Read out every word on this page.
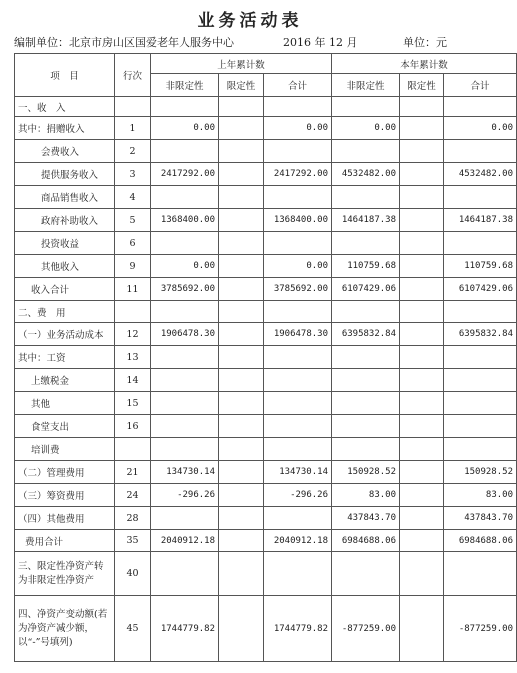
业务活动表
编制单位：北京市房山区国爱老年人服务中心	2016 年 12 月	单位：元
项　目	行次	上年累计数			本年累计数		
		非限定性	限定性	合计	非限定性	限定性	合计
一、收　入							
其中：捐赠收入	1	0.00		0.00	0.00		0.00
会费收入	2						
提供服务收入	3	2417292.00		2417292.00	4532482.00		4532482.00
商品销售收入	4						
政府补助收入	5	1368400.00		1368400.00	1464187.38		1464187.38
投资收益	6						
其他收入	9	0.00		0.00	110759.68		110759.68
收入合计	11	3785692.00		3785692.00	6107429.06		6107429.06
二、费　用							
（一）业务活动成本	12	1906478.30		1906478.30	6395832.84		6395832.84
其中：工资	13						
上缴税金	14						
其他	15						
食堂支出	16						
培训费							
（二）管理费用	21	134730.14		134730.14	150928.52		150928.52
（三）筹资费用	24	-296.26		-296.26	83.00		83.00
（四）其他费用	28				437843.70		437843.70
费用合计	35	2040912.18		2040912.18	6984688.06		6984688.06
三、限定性净资产转为非限定性净资产	40						
四、净资产变动额(若为净资产减少额，以“-”号填列)	45	1744779.82		1744779.82	-877259.00		-877259.00
